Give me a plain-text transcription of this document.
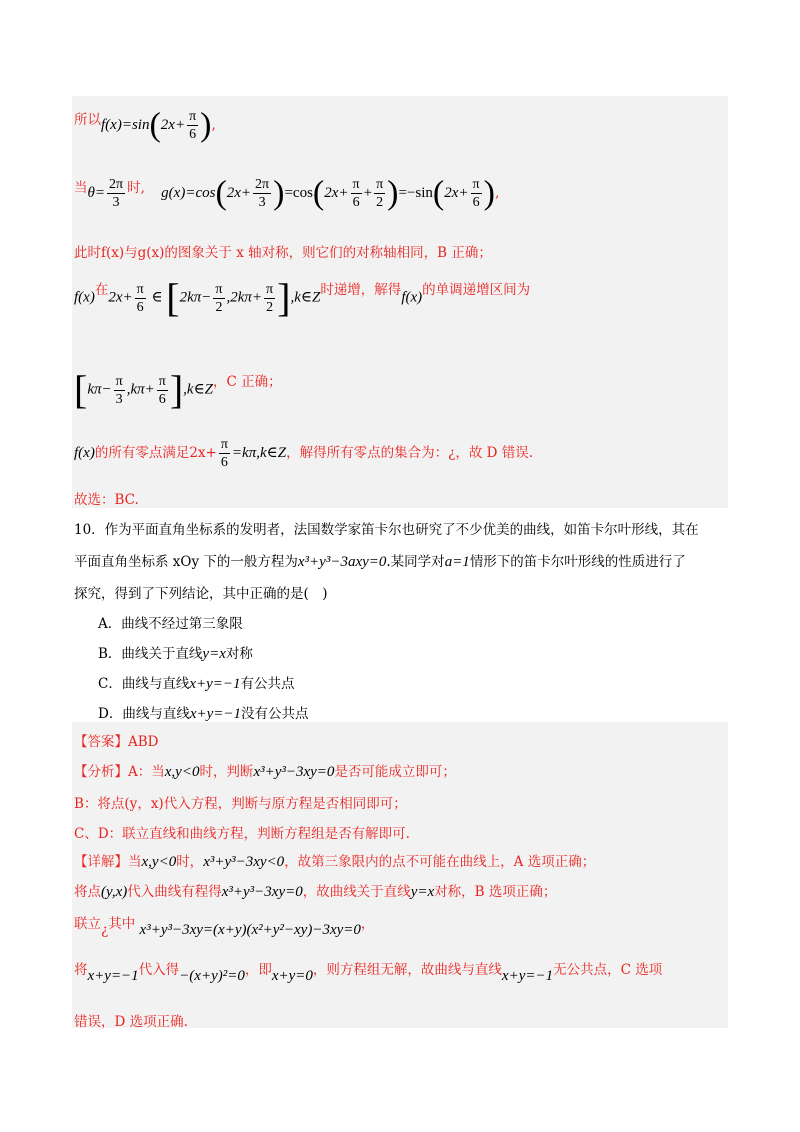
所以$f(x)=\sin(2x+ \frac{\pi}{6}$ ),
当$\theta= \frac{2\pi}{3}$ 时, $g(x)=\cos(2x+ \frac{2\pi}{3} )=\cos(2x+ \frac{\pi}{6} + \frac{\pi}{2} )=-\sin(2x+ \frac{\pi}{6}$ ),
此时f(x)与g(x)的图象关于 x 轴对称，则它们的对称轴相同，B 正确；
f(x)在$2x+ \frac{\pi}{6}$ ∈ [$2k\pi- \frac{\pi}{2} ,2k\pi+ \frac{\pi}{2}$ ],k∈Z时递增，解得f(x)的单调递增区间为
[$k\pi- \frac{\pi}{3} ,k\pi+ \frac{\pi}{6}$ ],k∈Z，C 正确；
f(x)的所有零点满足$2x+ \frac{\pi}{6}$ =kπ,k∈Z，解得所有零点的集合为：¿，故 D 错误.
故选：BC.
10．作为平面直角坐标系的发明者，法国数学家笛卡尔也研究了不少优美的曲线，如笛卡尔叶形线，其在
平面直角坐标系 xOy 下的一般方程为x³+y³−3axy=0.某同学对a=1情形下的笛卡尔叶形线的性质进行了
探究，得到了下列结论，其中正确的是(　)
A．曲线不经过第三象限
B．曲线关于直线y=x对称
C．曲线与直线x+y=−1有公共点
D．曲线与直线x+y=−1没有公共点
【答案】ABD
【分析】A：当x,y<0时，判断x³+y³−3xy=0是否可能成立即可；
B：将点(y，x)代入方程，判断与原方程是否相同即可；
C、D：联立直线和曲线方程，判断方程组是否有解即可.
【详解】当x,y<0时，x³+y³−3xy<0，故第三象限内的点不可能在曲线上，A 选项正确；
将点(y,x)代入曲线有程得x³+y³−3xy=0，故曲线关于直线y=x对称，B 选项正确；
联立¿其中 x³+y³−3xy=(x+y)(x²+y²−xy)−3xy=0，
将x+y=−1代入得−(x+y)²=0，即x+y=0，则方程组无解，故曲线与直线x+y=−1无公共点，C 选项
错误，D 选项正确.
